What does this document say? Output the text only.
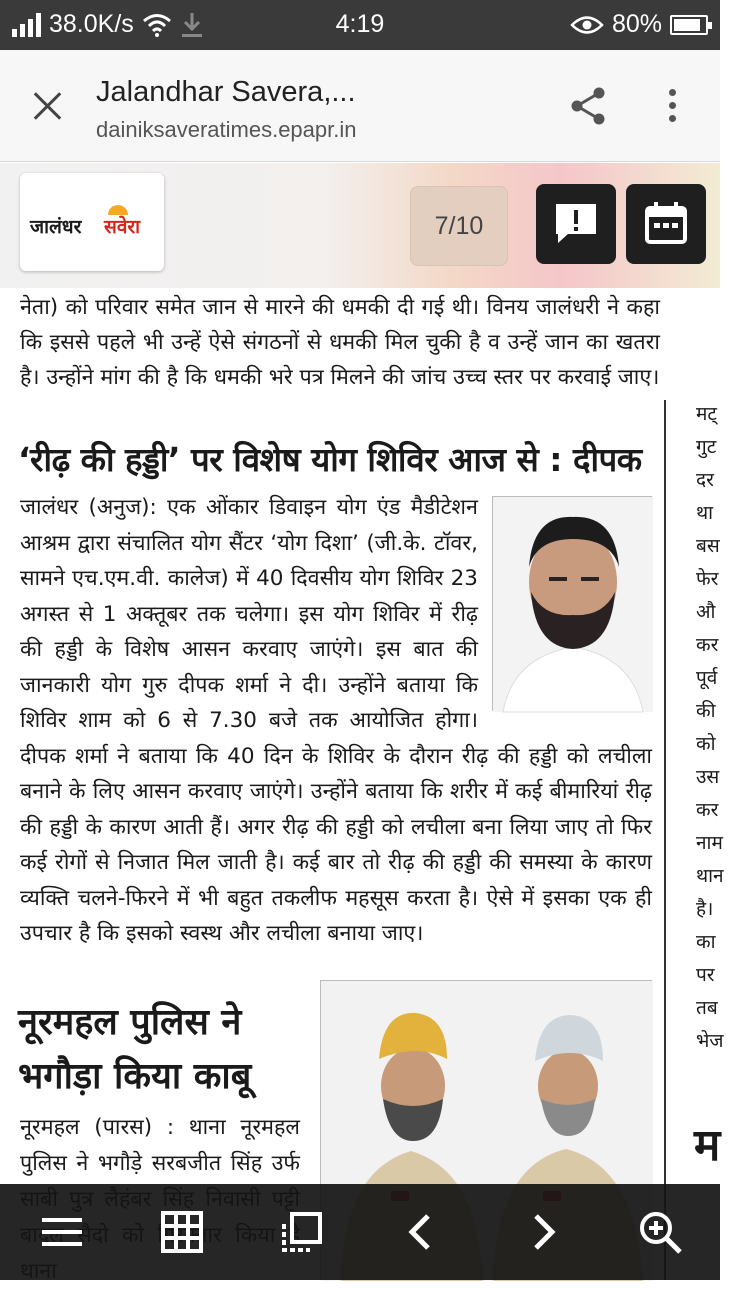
38.0K/s	4:19	80%
Jalandhar Savera,...
dainiksaveratimes.epapr.in
जालंधर सवेरा	7/10
नेता) को परिवार समेत जान से मारने की धमकी दी गई थी। विनय जालंधरी ने कहा कि इससे पहले भी उन्हें ऐसे संगठनों से धमकी मिल चुकी है व उन्हें जान का खतरा है। उन्होंने मांग की है कि धमकी भरे पत्र मिलने की जांच उच्च स्तर पर करवाई जाए।
‘रीढ़ की हड्डी’ पर विशेष योग शिविर आज से : दीपक
जालंधर (अनुज): एक ओंकार डिवाइन योग एंड मैडीटेशन आश्रम द्वारा संचालित योग सैंटर ‘योग दिशा’ (जी.के. टॉवर, सामने एच.एम.वी. कालेज) में 40 दिवसीय योग शिविर 23 अगस्त से 1 अक्तूबर तक चलेगा। इस योग शिविर में रीढ़ की हड्डी के विशेष आसन करवाए जाएंगे। इस बात की जानकारी योग गुरु दीपक शर्मा ने दी। उन्होंने बताया कि शिविर शाम को 6 से 7.30 बजे तक आयोजित होगा। दीपक शर्मा ने बताया कि 40 दिन के शिविर के दौरान रीढ़ की हड्डी को लचीला बनाने के लिए आसन करवाए जाएंगे। उन्होंने बताया कि शरीर में कई बीमारियां रीढ़ की हड्डी के कारण आती हैं। अगर रीढ़ की हड्डी को लचीला बना लिया जाए तो फिर कई रोगों से निजात मिल जाती है। कई बार तो रीढ़ की हड्डी की समस्या के कारण व्यक्ति चलने-फिरने में भी बहुत तकलीफ महसूस करता है। ऐसे में इसका एक ही उपचार है कि इसको स्वस्थ और लचीला बनाया जाए।
नूरमहल पुलिस ने
भगौड़ा किया काबू
नूरमहल (पारस) : थाना नूरमहल पुलिस ने भगौड़े सरबजीत सिंह उर्फ
मट्
गुट
दर
था
बस
फेर
औ
कर
पूर्व
की
को
उस
कर
नाम
थान
है।
का
पर
तब
भेज
म
